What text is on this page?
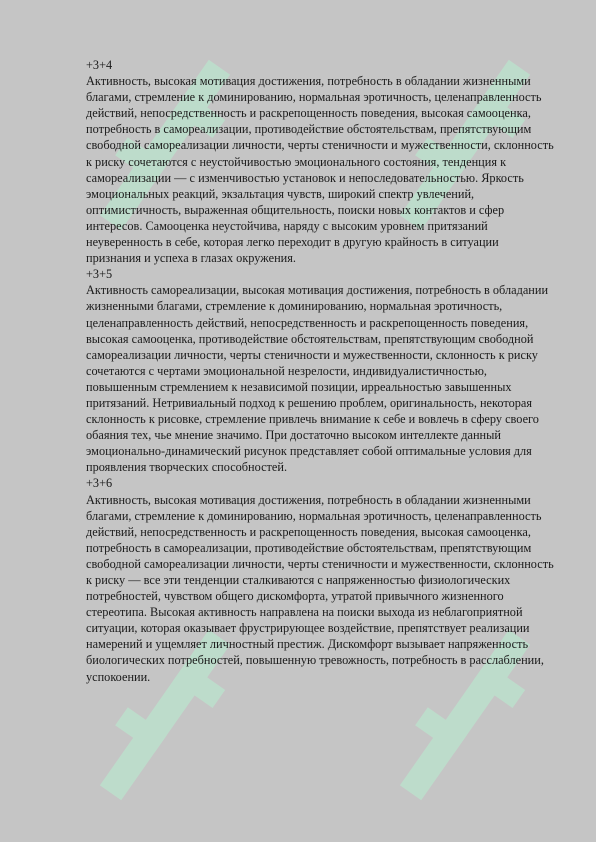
+3+4

Активность, высокая мотивация достижения, потребность в обладании жизненными благами, стремление к доминированию, нормальная эротичность, целенаправленность действий, непосредственность и раскрепощенность поведения, высокая самооценка, потребность в самореализации, противодействие обстоятельствам, препятствующим свободной самореализации личности, черты стеничности и мужественности, склонность к риску сочетаются с неустойчивостью эмоционального состояния, тенденция к самореализации — с изменчивостью установок и непоследовательностью. Яркость эмоциональных реакций, экзальтация чувств, широкий спектр увлечений, оптимистичность, выраженная общительность, поиски новых контактов и сфер интересов. Самооценка неустойчива, наряду с высоким уровнем притязаний неуверенность в себе, которая легко переходит в другую крайность в ситуации признания и успеха в глазах окружения.

+3+5

Активность самореализации, высокая мотивация достижения, потребность в обладании жизненными благами, стремление к доминированию, нормальная эротичность, целенаправленность действий, непосредственность и раскрепощенность поведения, высокая самооценка, противодействие обстоятельствам, препятствующим свободной самореализации личности, черты стеничности и мужественности, склонность к риску сочетаются с чертами эмоциональной незрелости, индивидуалистичностью, повышенным стремлением к независимой позиции, ирреальностью завышенных притязаний. Нетривиальный подход к решению проблем, оригинальность, некоторая склонность к рисовке, стремление привлечь внимание к себе и вовлечь в сферу своего обаяния тех, чье мнение значимо. При достаточно высоком интеллекте данный эмоционально-динамический рисунок представляет собой оптимальные условия для проявления творческих способностей.

+3+6

Активность, высокая мотивация достижения, потребность в обладании жизненными благами, стремление к доминированию, нормальная эротичность, целенаправленность действий, непосредственность и раскрепощенность поведения, высокая самооценка, потребность в самореализации, противодействие обстоятельствам, препятствующим свободной самореализации личности, черты стеничности и мужественности, склонность к риску — все эти тенденции сталкиваются с напряженностью физиологических потребностей, чувством общего дискомфорта, утратой привычного жизненного стереотипа. Высокая активность направлена на поиски выхода из неблагоприятной ситуации, которая оказывает фрустрирующее воздействие, препятствует реализации намерений и ущемляет личностный престиж. Дискомфорт вызывает напряженность биологических потребностей, повышенную тревожность, потребность в расслаблении, успокоении.
